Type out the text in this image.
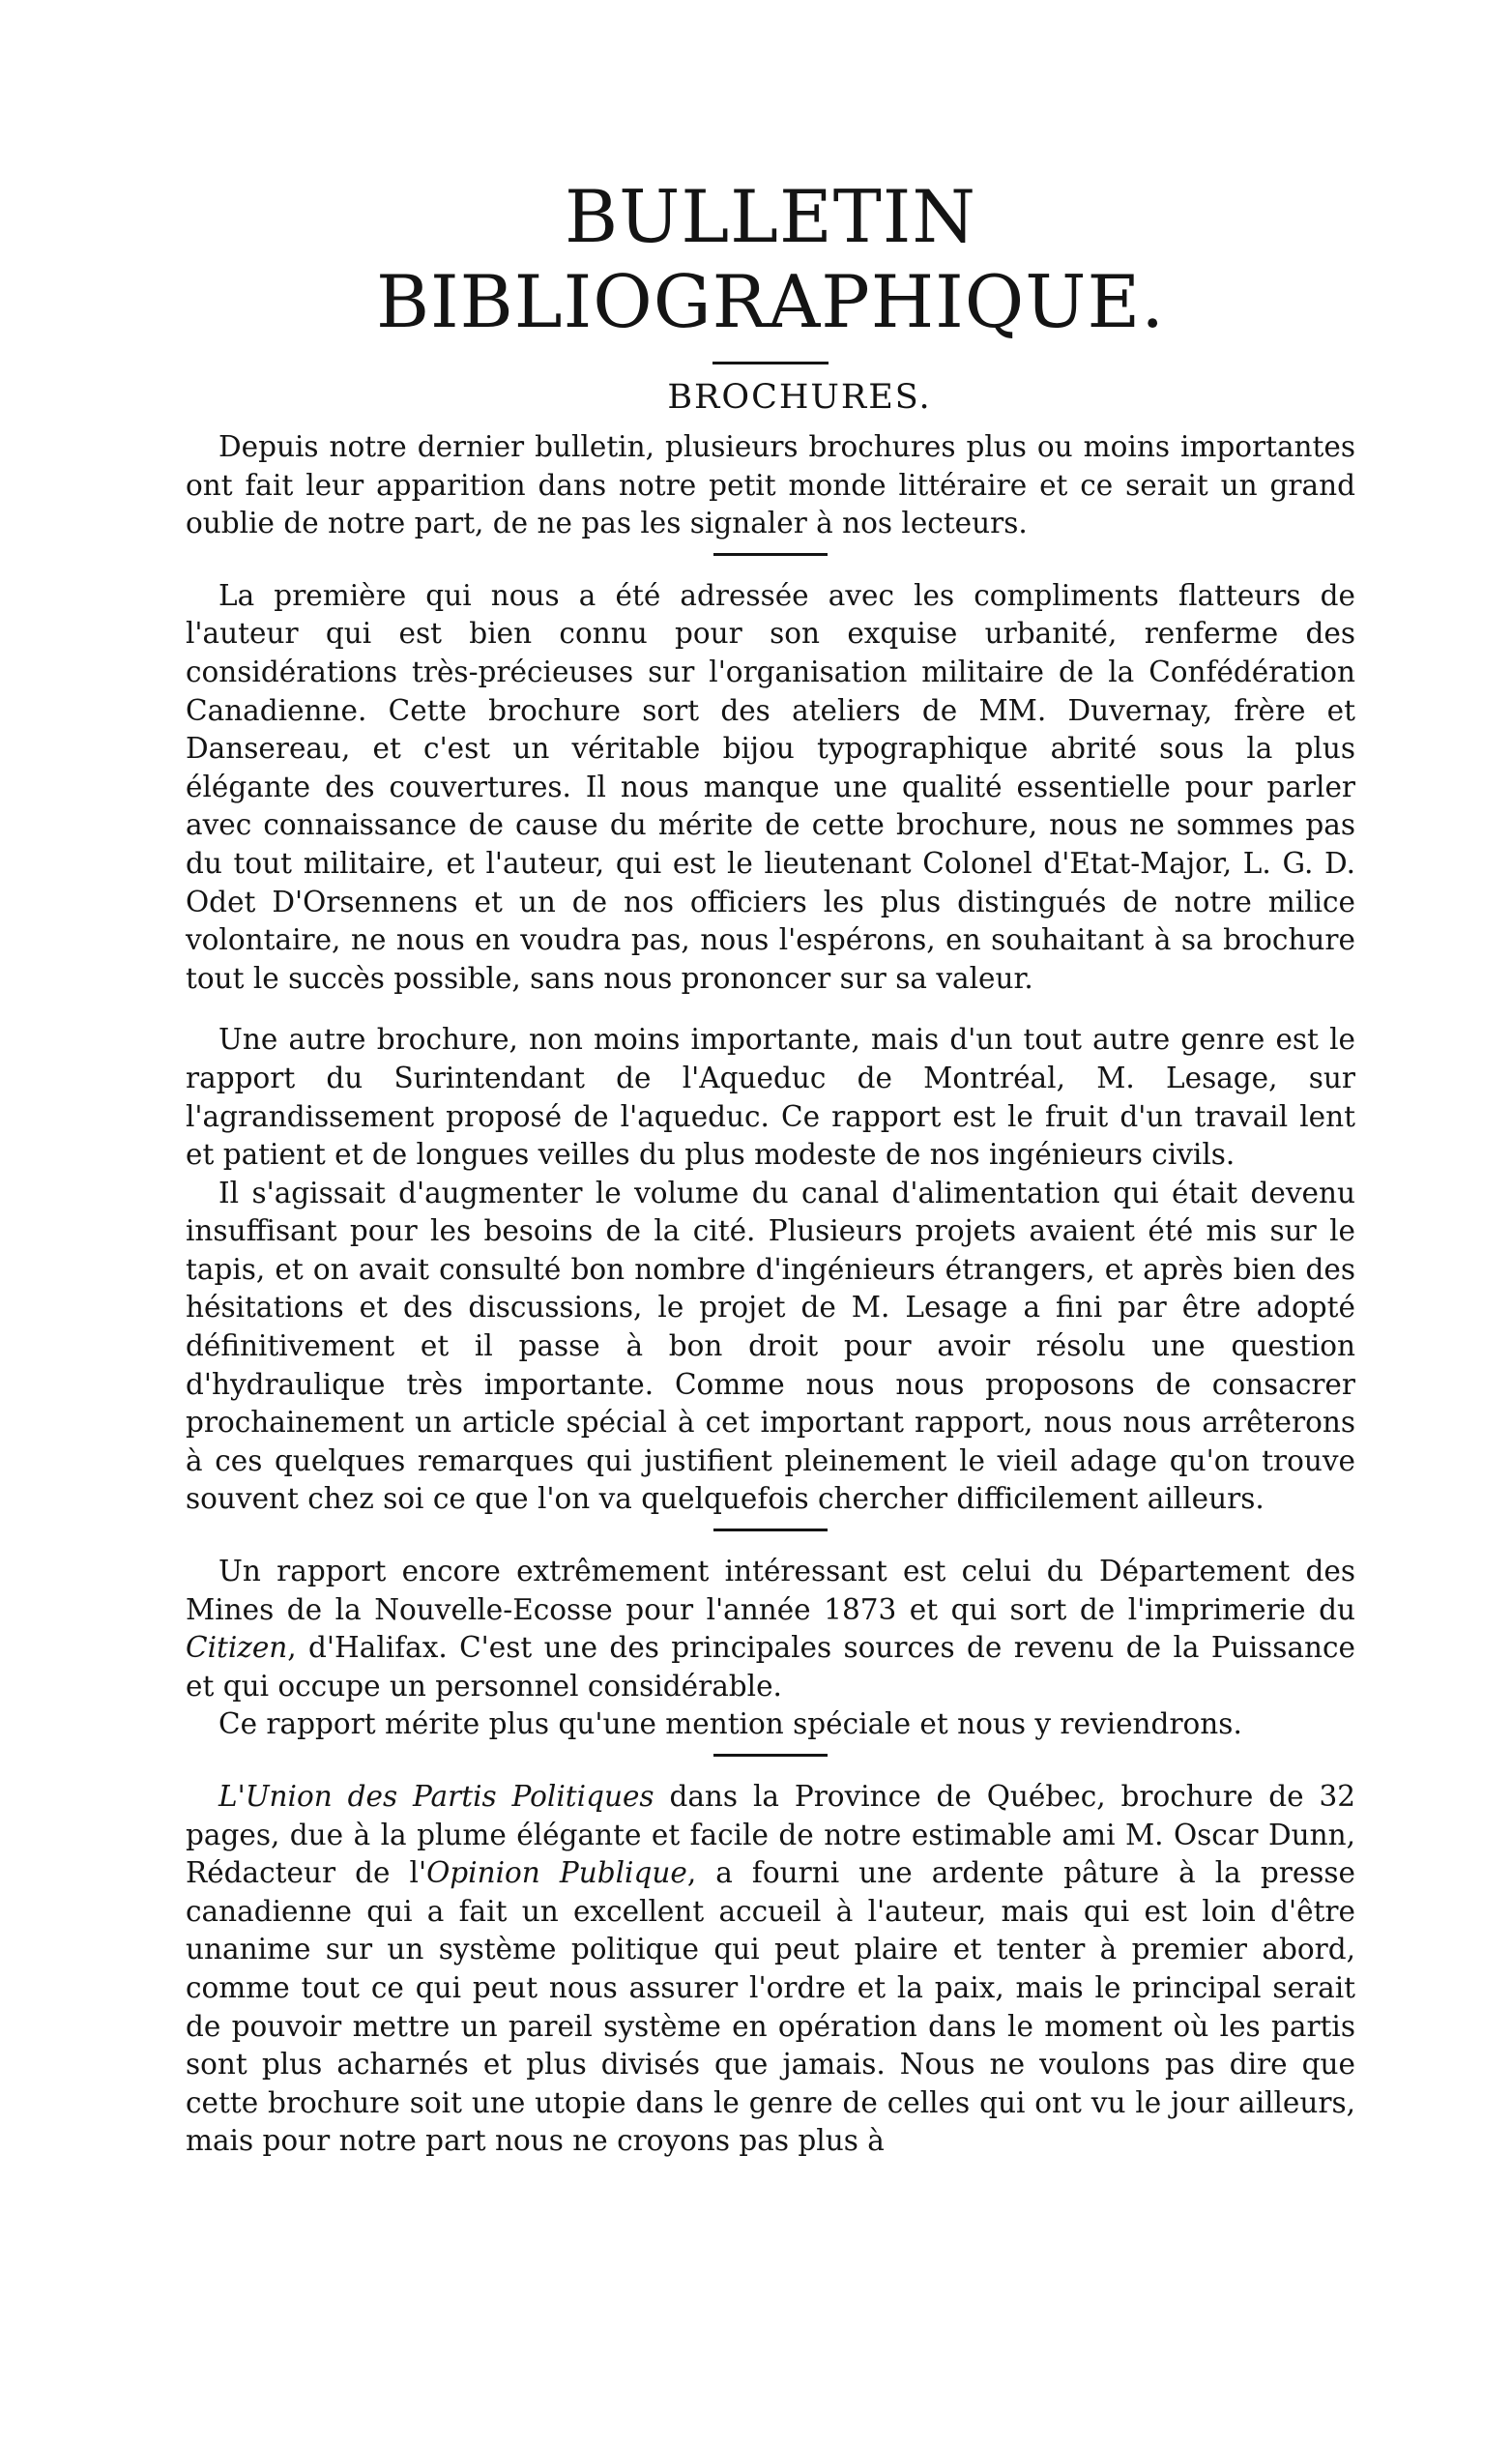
BULLETIN BIBLIOGRAPHIQUE.
BROCHURES.

Depuis notre dernier bulletin, plusieurs brochures plus ou moins importantes ont fait leur apparition dans notre petit monde littéraire et ce serait un grand oublie de notre part, de ne pas les signaler à nos lecteurs.

La première qui nous a été adressée avec les compliments flatteurs de l'auteur qui est bien connu pour son exquise urbanité, renferme des considérations très-précieuses sur l'organisation militaire de la Confédération Canadienne. Cette brochure sort des ateliers de MM. Duvernay, frère et Dansereau, et c'est un véritable bijou typographique abrité sous la plus élégante des couvertures. Il nous manque une qualité essentielle pour parler avec connaissance de cause du mérite de cette brochure, nous ne sommes pas du tout militaire, et l'auteur, qui est le lieutenant Colonel d'Etat-Major, L. G. D. Odet D'Orsennens et un de nos officiers les plus distingués de notre milice volontaire, ne nous en voudra pas, nous l'espérons, en souhaitant à sa brochure tout le succès possible, sans nous prononcer sur sa valeur.

Une autre brochure, non moins importante, mais d'un tout autre genre est le rapport du Surintendant de l'Aqueduc de Montréal, M. Lesage, sur l'agrandissement proposé de l'aqueduc. Ce rapport est le fruit d'un travail lent et patient et de longues veilles du plus modeste de nos ingénieurs civils.

Il s'agissait d'augmenter le volume du canal d'alimentation qui était devenu insuffisant pour les besoins de la cité. Plusieurs projets avaient été mis sur le tapis, et on avait consulté bon nombre d'ingénieurs étrangers, et après bien des hésitations et des discussions, le projet de M. Lesage a fini par être adopté définitivement et il passe à bon droit pour avoir résolu une question d'hydraulique très importante. Comme nous nous proposons de consacrer prochainement un article spécial à cet important rapport, nous nous arrêterons à ces quelques remarques qui justifient pleinement le vieil adage qu'on trouve souvent chez soi ce que l'on va quelquefois chercher difficilement ailleurs.

Un rapport encore extrêmement intéressant est celui du Département des Mines de la Nouvelle-Ecosse pour l'année 1873 et qui sort de l'imprimerie du Citizen, d'Halifax. C'est une des principales sources de revenu de la Puissance et qui occupe un personnel considérable.

Ce rapport mérite plus qu'une mention spéciale et nous y reviendrons.

L'Union des Partis Politiques dans la Province de Québec, brochure de 32 pages, due à la plume élégante et facile de notre estimable ami M. Oscar Dunn, Rédacteur de l'Opinion Publique, a fourni une ardente pâture à la presse canadienne qui a fait un excellent accueil à l'auteur, mais qui est loin d'être unanime sur un système politique qui peut plaire et tenter à premier abord, comme tout ce qui peut nous assurer l'ordre et la paix, mais le principal serait de pouvoir mettre un pareil système en opération dans le moment où les partis sont plus acharnés et plus divisés que jamais. Nous ne voulons pas dire que cette brochure soit une utopie dans le genre de celles qui ont vu le jour ailleurs, mais pour notre part nous ne croyons pas plus à
